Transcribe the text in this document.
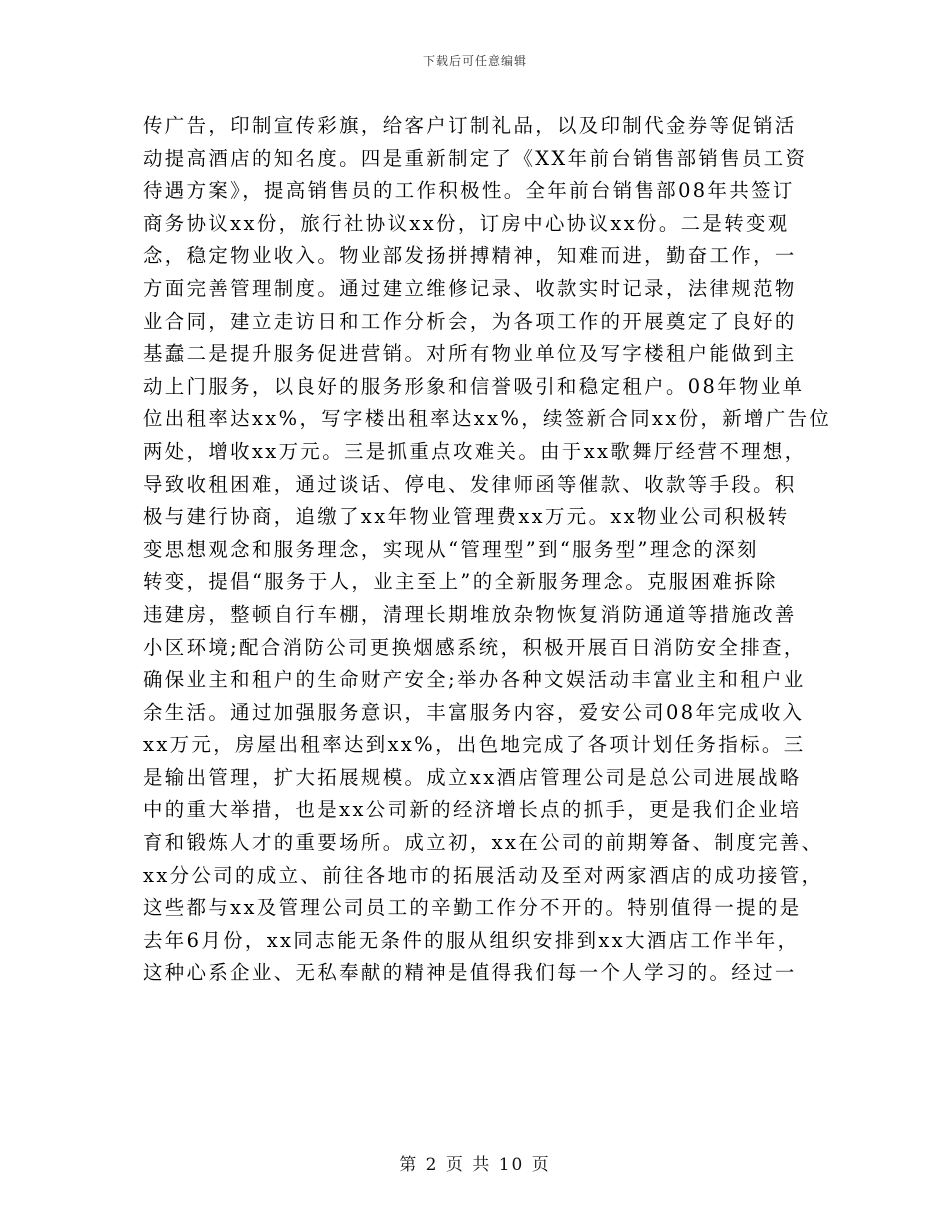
下载后可任意编辑
传广告，印制宣传彩旗，给客户订制礼品，以及印制代金券等促销活
动提高酒店的知名度。四是重新制定了《XX年前台销售部销售员工资
待遇方案》，提高销售员的工作积极性。全年前台销售部08年共签订
商务协议xx份，旅行社协议xx份，订房中心协议xx份。二是转变观
念，稳定物业收入。物业部发扬拼搏精神，知难而进，勤奋工作，一
方面完善管理制度。通过建立维修记录、收款实时记录，法律规范物
业合同，建立走访日和工作分析会，为各项工作的开展奠定了良好的
基蠢二是提升服务促进营销。对所有物业单位及写字楼租户能做到主
动上门服务，以良好的服务形象和信誉吸引和稳定租户。08年物业单
位出租率达xx%，写字楼出租率达xx%，续签新合同xx份，新增广告位
两处，增收xx万元。三是抓重点攻难关。由于xx歌舞厅经营不理想，
导致收租困难，通过谈话、停电、发律师函等催款、收款等手段。积
极与建行协商，追缴了xx年物业管理费xx万元。xx物业公司积极转
变思想观念和服务理念，实现从“管理型”到“服务型”理念的深刻
转变，提倡“服务于人，业主至上”的全新服务理念。克服困难拆除
违建房，整顿自行车棚，清理长期堆放杂物恢复消防通道等措施改善
小区环境;配合消防公司更换烟感系统，积极开展百日消防安全排查，
确保业主和租户的生命财产安全;举办各种文娱活动丰富业主和租户业
余生活。通过加强服务意识，丰富服务内容，爱安公司08年完成收入
xx万元，房屋出租率达到xx%，出色地完成了各项计划任务指标。三
是输出管理，扩大拓展规模。成立xx酒店管理公司是总公司进展战略
中的重大举措，也是xx公司新的经济增长点的抓手，更是我们企业培
育和锻炼人才的重要场所。成立初，xx在公司的前期筹备、制度完善、
xx分公司的成立、前往各地市的拓展活动及至对两家酒店的成功接管，
这些都与xx及管理公司员工的辛勤工作分不开的。特别值得一提的是
去年6月份，xx同志能无条件的服从组织安排到xx大酒店工作半年，
这种心系企业、无私奉献的精神是值得我们每一个人学习的。经过一
第 2 页 共 10 页
